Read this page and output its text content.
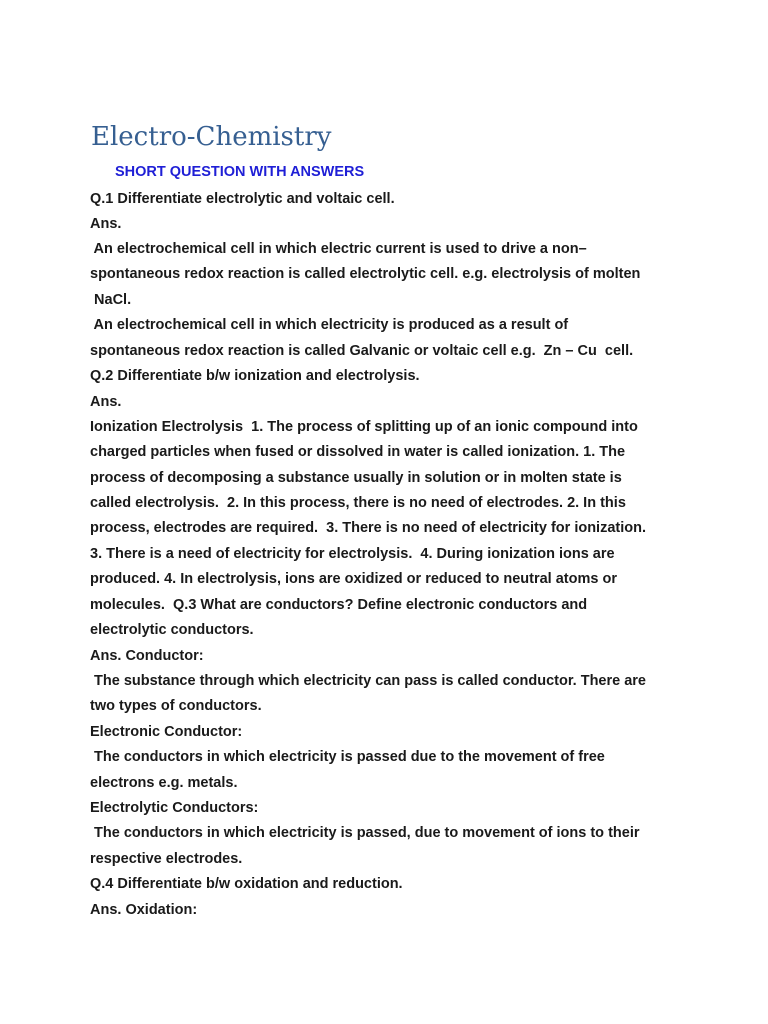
Electro-Chemistry
SHORT QUESTION WITH ANSWERS
Q.1 Differentiate electrolytic and voltaic cell.
Ans.
An electrochemical cell in which electric current is used to drive a non–
spontaneous redox reaction is called electrolytic cell. e.g. electrolysis of molten
NaCl.
An electrochemical cell in which electricity is produced as a result of
spontaneous redox reaction is called Galvanic or voltaic cell e.g.  Zn – Cu  cell.
Q.2 Differentiate b/w ionization and electrolysis.
Ans.
Ionization Electrolysis  1. The process of splitting up of an ionic compound into
charged particles when fused or dissolved in water is called ionization. 1. The
process of decomposing a substance usually in solution or in molten state is
called electrolysis.  2. In this process, there is no need of electrodes. 2. In this
process, electrodes are required.  3. There is no need of electricity for ionization.
3. There is a need of electricity for electrolysis.  4. During ionization ions are
produced. 4. In electrolysis, ions are oxidized or reduced to neutral atoms or
molecules.  Q.3 What are conductors? Define electronic conductors and
electrolytic conductors.
Ans. Conductor:
The substance through which electricity can pass is called conductor. There are
two types of conductors.
Electronic Conductor:
The conductors in which electricity is passed due to the movement of free
electrons e.g. metals.
Electrolytic Conductors:
The conductors in which electricity is passed, due to movement of ions to their
respective electrodes.
Q.4 Differentiate b/w oxidation and reduction.
Ans. Oxidation:
